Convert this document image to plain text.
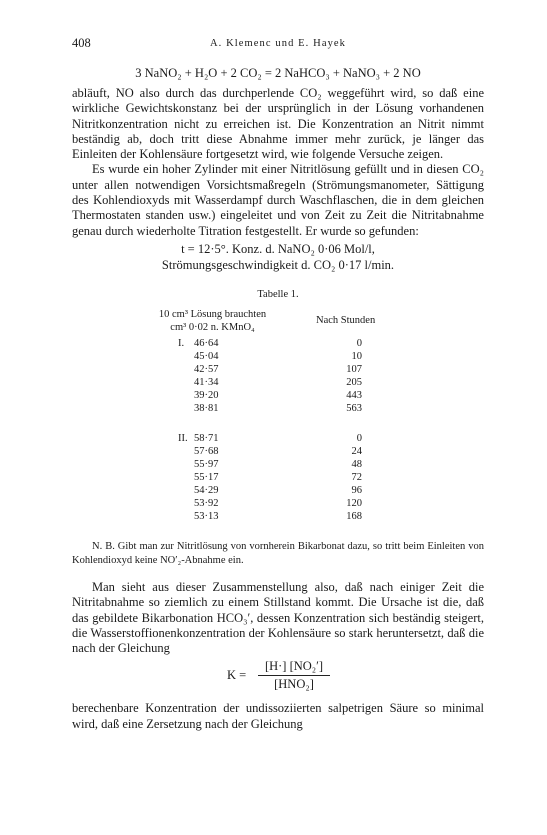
408	A. Klemenc und E. Hayek
3 NaNO₂ + H₂O + 2 CO₂ = 2 NaHCO₃ + NaNO₃ + 2 NO

abläuft, NO also durch das durchperlende CO₂ weggeführt wird, so daß eine wirkliche Gewichtskonstanz bei der ursprünglich in der Lösung vorhandenen Nitritkonzentration nicht zu erreichen ist. Die Konzentration an Nitrit nimmt beständig ab, doch tritt diese Abnahme immer mehr zurück, je länger das Einleiten der Kohlensäure fortgesetzt wird, wie folgende Versuche zeigen.

Es wurde ein hoher Zylinder mit einer Nitritlösung gefüllt und in diesen CO₂ unter allen notwendigen Vorsichtsmaßregeln (Strömungsmanometer, Sättigung des Kohlendioxyds mit Wasserdampf durch Waschflaschen, die in dem gleichen Thermostaten standen usw.) eingeleitet und von Zeit zu Zeit die Nitritabnahme genau durch wiederholte Titration festgestellt. Er wurde so gefunden:

t = 12·5°. Konz. d. NaNO₂ 0·06 Mol/l,
Strömungsgeschwindigkeit d. CO₂ 0·17 l/min.
Tabelle 1.
10 cm³ Lösung brauchten
cm³ 0·02 n. KMnO₄
Nach Stunden
I. 46·64	0
45·04	10
42·57	107
41·34	205
39·20	443
38·81	563
II. 58·71	0
57·68	24
55·97	48
55·17	72
54·29	96
53·92	120
53·13	168

N. B. Gibt man zur Nitritlösung von vornherein Bikarbonat dazu, so tritt beim Einleiten von Kohlendioxyd keine NO′₂-Abnahme ein.

Man sieht aus dieser Zusammenstellung also, daß nach einiger Zeit die Nitritabnahme so ziemlich zu einem Stillstand kommt. Die Ursache ist die, daß das gebildete Bikarbonation HCO₃′, dessen Konzentration sich beständig steigert, die Wasserstoffionenkonzentration der Kohlensäure so stark heruntersetzt, daß die nach der Gleichung

K =
[H·] [NO₂′]
[HNO₂]

berechenbare Konzentration der undissoziierten salpetrigen Säure so minimal wird, daß eine Zersetzung nach der Gleichung
